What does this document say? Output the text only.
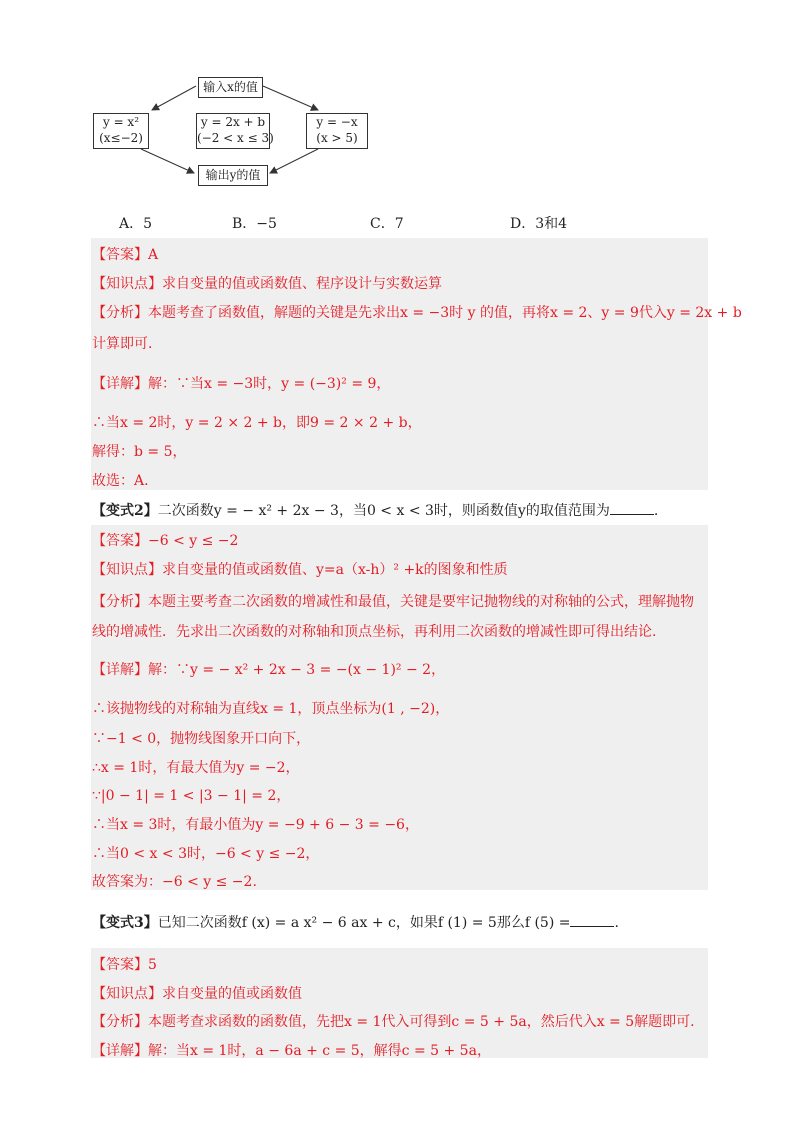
输入x的值
y = x²
(x≤−2)
y = 2x + b
(−2 < x ≤ 3)
y = −x
(x > 5)
输出y的值
A．5	B．−5	C．7	D．3和4
【答案】A
【知识点】求自变量的值或函数值、程序设计与实数运算
【分析】本题考查了函数值，解题的关键是先求出x = −3时 y 的值，再将x = 2、y = 9代入y = 2x + b
计算即可.
【详解】解：∵当x = −3时，y = (−3)² = 9，
∴当x = 2时，y = 2 × 2 + b，即9 = 2 × 2 + b，
解得：b = 5，
故选：A.
【变式2】二次函数y = − x² + 2x − 3，当0 < x < 3时，则函数值y的取值范围为	.
【答案】−6 < y ≤ −2
【知识点】求自变量的值或函数值、y=a（x-h）² +k的图象和性质
【分析】本题主要考查二次函数的增减性和最值，关键是要牢记抛物线的对称轴的公式，理解抛物
线的增减性．先求出二次函数的对称轴和顶点坐标，再利用二次函数的增减性即可得出结论.
【详解】解：∵y = − x² + 2x − 3 = −(x − 1)² − 2，
∴该抛物线的对称轴为直线x = 1，顶点坐标为(1 , −2)，
∵−1 < 0，抛物线图象开口向下，
∴x = 1时，有最大值为y = −2，
∵|0 − 1| = 1 < |3 − 1| = 2，
∴当x = 3时，有最小值为y = −9 + 6 − 3 = −6，
∴当0 < x < 3时，−6 < y ≤ −2，
故答案为：−6 < y ≤ −2.
【变式3】已知二次函数f (x) = a x² − 6 ax + c，如果f (1) = 5那么f (5) =	.
【答案】5
【知识点】求自变量的值或函数值
【分析】本题考查求函数的函数值，先把x = 1代入可得到c = 5 + 5a，然后代入x = 5解题即可.
【详解】解：当x = 1时，a − 6a + c = 5，解得c = 5 + 5a，
